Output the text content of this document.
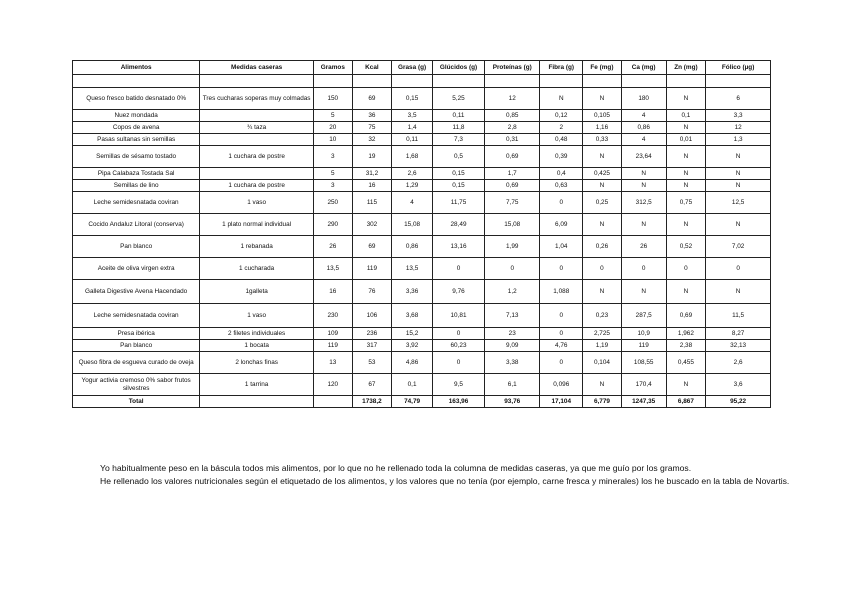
Alimentos	Medidas caseras	Gramos	Kcal	Grasa (g)	Glúcidos (g)	Proteínas (g)	Fibra (g)	Fe (mg)	Ca (mg)	Zn (mg)	Fólico (µg)

Queso fresco batido desnatado 0%	Tres cucharas soperas muy colmadas	150	69	0,15	5,25	12	N	N	180	N	6
Nuez mondada		5	36	3,5	0,11	0,85	0,12	0,105	4	0,1	3,3
Copos de avena	¾ taza	20	75	1,4	11,8	2,8	2	1,16	0,86	N	12
Pasas sultanas sin semillas		10	32	0,11	7,3	0,31	0,48	0,33	4	0,01	1,3
Semillas de sésamo tostado	1 cuchara de postre	3	19	1,68	0,5	0,69	0,39	N	23,64	N	N
Pipa Calabaza Tostada Sal		5	31,2	2,6	0,15	1,7	0,4	0,425	N	N	N
Semillas de lino	1 cuchara de postre	3	16	1,29	0,15	0,69	0,63	N	N	N	N
Leche semidesnatada coviran	1 vaso	250	115	4	11,75	7,75	0	0,25	312,5	0,75	12,5
Cocido Andaluz Litoral (conserva)	1 plato normal individual	290	302	15,08	28,49	15,08	6,09	N	N	N	N
Pan blanco	1 rebanada	26	69	0,86	13,16	1,99	1,04	0,26	26	0,52	7,02
Aceite de oliva virgen extra	1 cucharada	13,5	119	13,5	0	0	0	0	0	0	0
Galleta Digestive Avena Hacendado	1galleta	16	76	3,36	9,76	1,2	1,088	N	N	N	N
Leche semidesnatada coviran	1 vaso	230	106	3,68	10,81	7,13	0	0,23	287,5	0,69	11,5
Presa ibérica	2 filetes individuales	109	236	15,2	0	23	0	2,725	10,9	1,962	8,27
Pan blanco	1 bocata	119	317	3,92	60,23	9,09	4,76	1,19	119	2,38	32,13
Queso fibra de esgueva curado de oveja	2 lonchas finas	13	53	4,86	0	3,38	0	0,104	108,55	0,455	2,6
Yogur activia cremoso 0% sabor frutos silvestres	1 tarrina	120	67	0,1	9,5	6,1	0,096	N	170,4	N	3,6
Total			1738,2	74,79	163,96	93,76	17,104	6,779	1247,35	6,867	95,22

Yo habitualmente peso en la báscula todos mis alimentos, por lo que no he rellenado toda la columna de medidas caseras, ya que me guío por los gramos.

He rellenado los valores nutricionales según el etiquetado de los alimentos, y los valores que no tenía (por ejemplo, carne fresca y minerales) los he buscado en la tabla de Novartis.
